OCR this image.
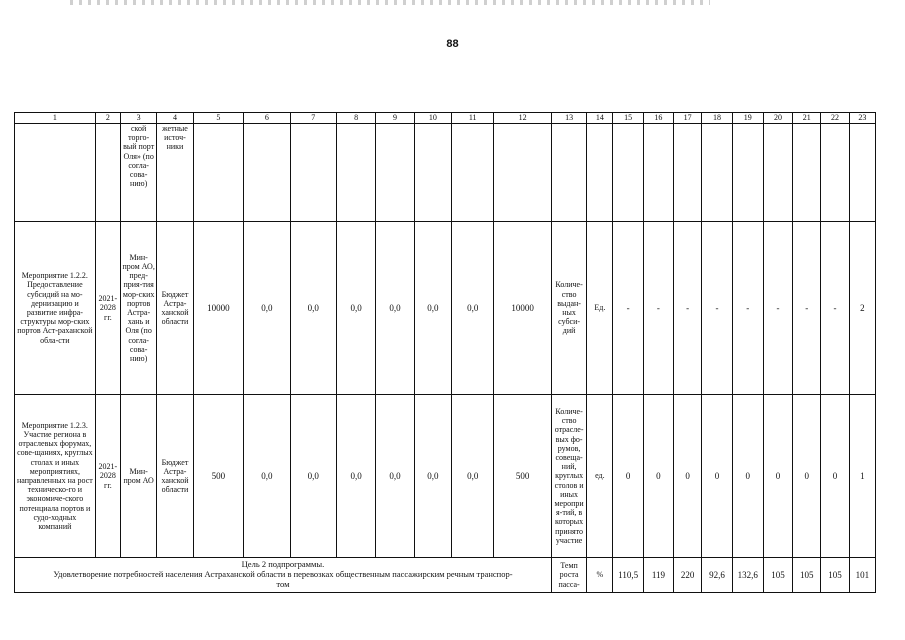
88
1	2	3	4	5	6	7	8	9	10	11	12	13	14	15	16	17	18	19	20	21	22	23
		ской торго-вый порт Оля» (по согла-сова-нию)	жетные источ-ники																			
Мероприятие 1.2.2. Предоставление субсидий на мо-дернизацию и развитие инфра-структуры мор-ских портов Аст-раханской обла-сти	2021-2028 гг.	Мин-пром АО, пред-прия-тия мор-ских портов Астра-хань и Оля (по согла-сова-нию)	Бюджет Астра-ханской области	10000	0,0	0,0	0,0	0,0	0,0	0,0	10000	Количе-ство выдан-ных субси-дий	Ед.	-	-	-	-	-	-	-	-	2
Мероприятие 1.2.3. Участие региона в отраслевых форумах, сове-щаниях, круглых столах и иных мероприятиях, направленных на рост техническо-го и экономиче-ского потенциала портов и судо-ходных компаний	2021-2028 гг.	Мин-пром АО	Бюджет Астра-ханской области	500	0,0	0,0	0,0	0,0	0,0	0,0	500	Количе-ство отрасле-вых фо-румов, совеща-ний, круглых столов и иных мероприя-тий, в которых принято участие	ед.	0	0	0	0	0	0	0	0	1

Цель 2 подпрограммы.
Удовлетворение потребностей населения Астраханской области в перевозках общественным пассажирским речным транспор-
том												Темп роста пасса-	%	110,5	119	220	92,6	132,6	105	105	105	101
